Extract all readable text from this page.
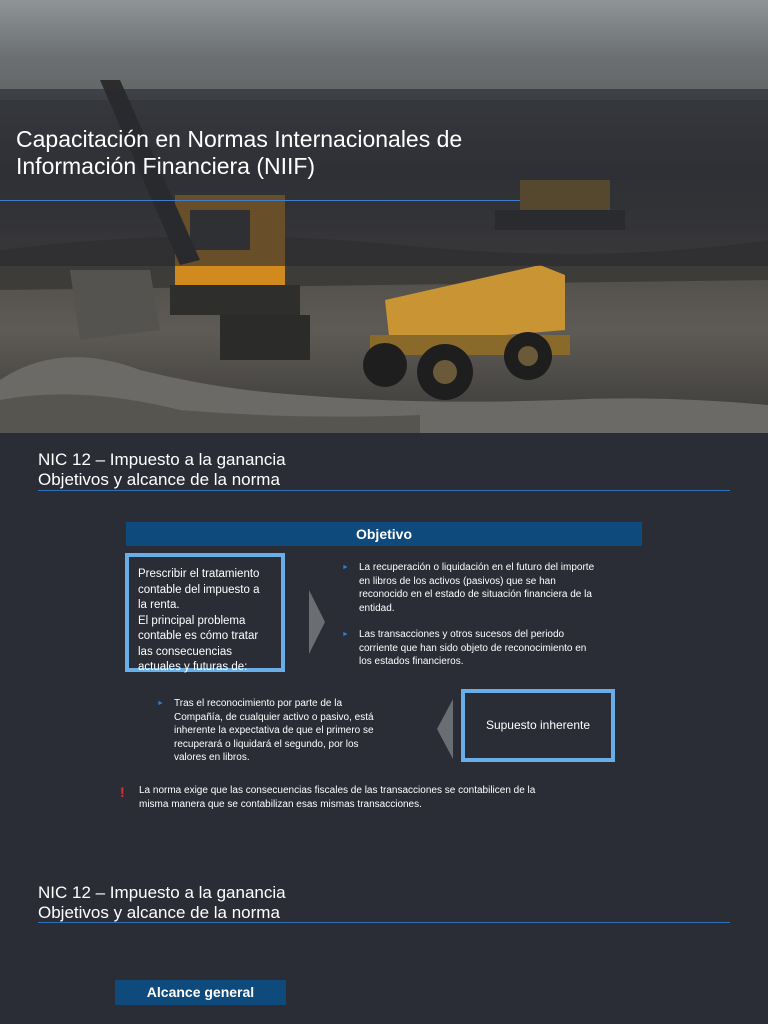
Capacitación en Normas Internacionales de
Información Financiera (NIIF)
NIC 12 – Impuesto a la ganancia
Objetivos y alcance de la norma
Objetivo
Prescribir el tratamiento
contable del impuesto a
la renta.
El principal problema
contable es cómo tratar
las consecuencias
actuales y futuras de:
► La recuperación o liquidación en el futuro del importe
en libros de los activos (pasivos) que se han
reconocido en el estado de situación financiera de la
entidad.
► Las transacciones y otros sucesos del periodo
corriente que han sido objeto de reconocimiento en
los estados financieros.
► Tras el reconocimiento por parte de la
Compañía, de cualquier activo o pasivo, está
inherente la expectativa de que el primero se
recuperará o liquidará el segundo, por los
valores en libros.
Supuesto inherente
! La norma exige que las consecuencias fiscales de las transacciones se contabilicen de la
misma manera que se contabilizan esas mismas transacciones.
NIC 12 – Impuesto a la ganancia
Objetivos y alcance de la norma
Alcance general
